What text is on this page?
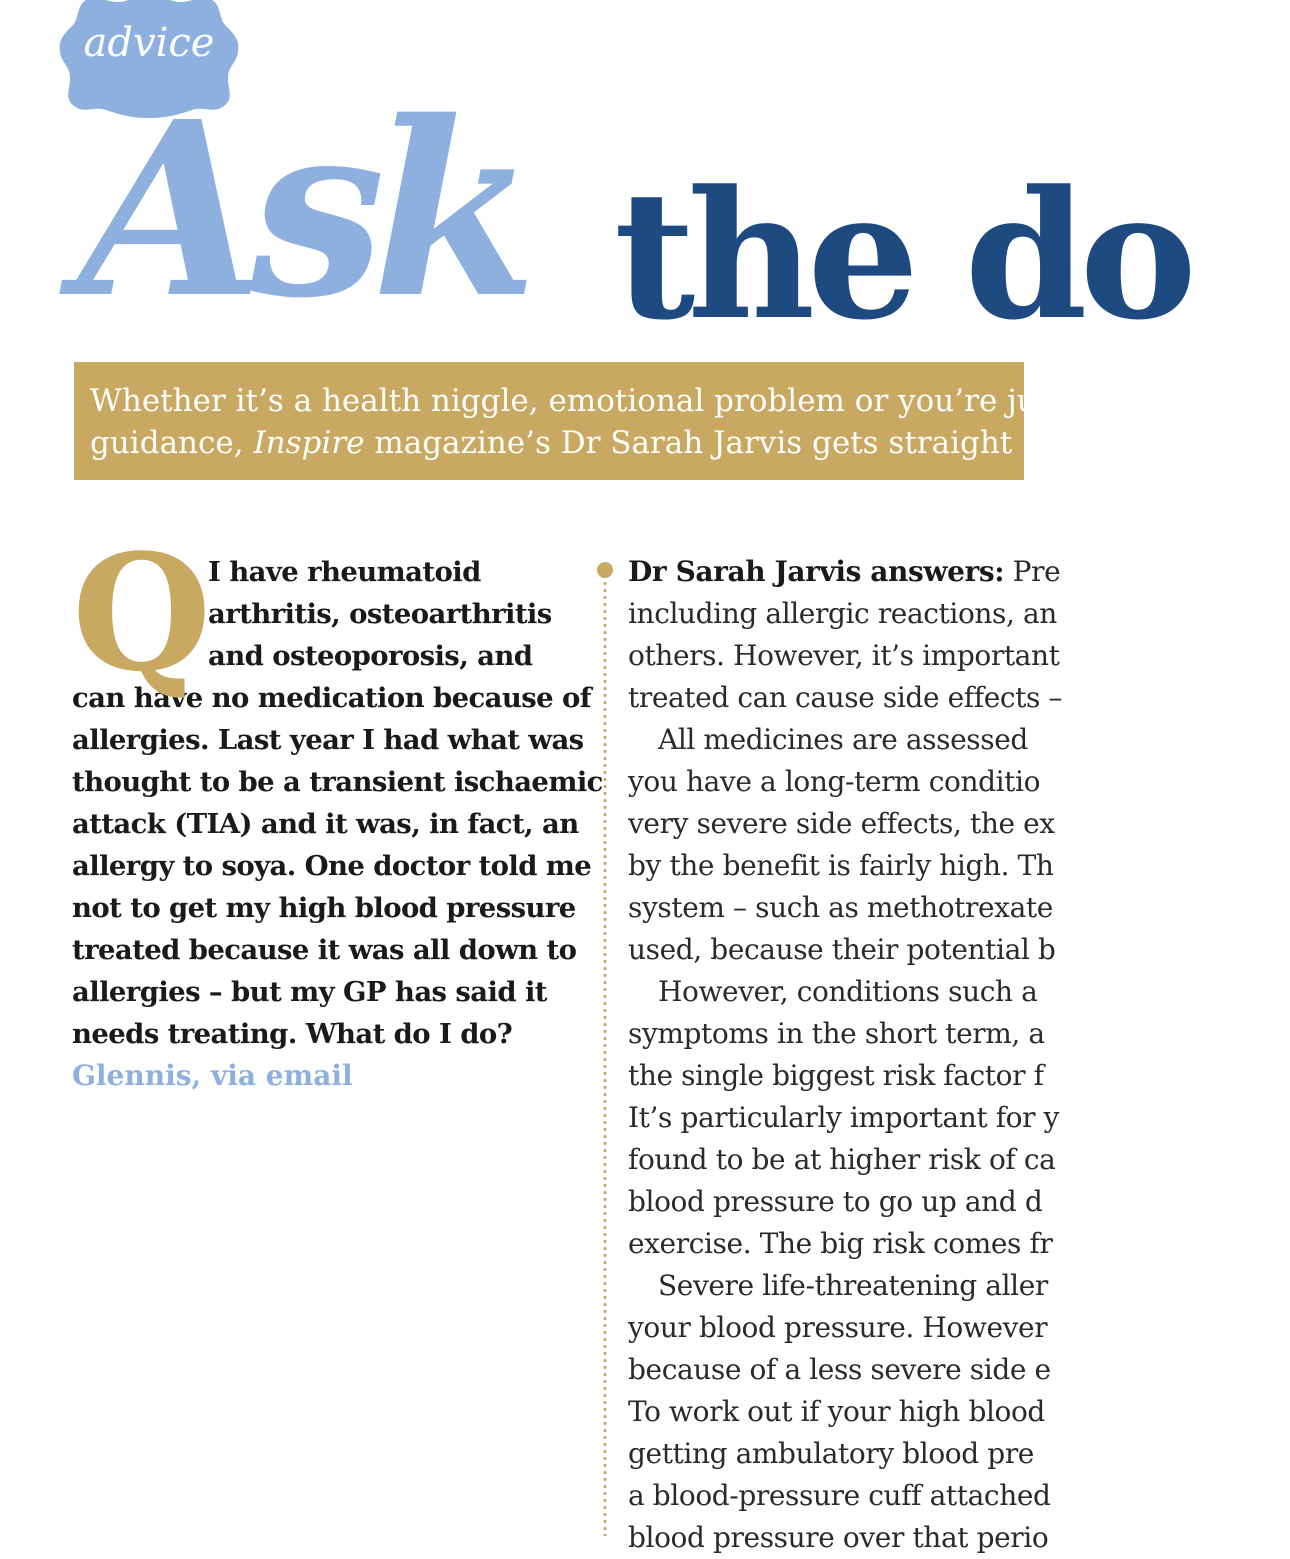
advice
Ask the do

Whether it’s a health niggle, emotional problem or you’re ju
guidance, Inspire magazine’s Dr Sarah Jarvis gets straight

Q

I have rheumatoid
arthritis, osteoarthritis
and osteoporosis, and
can have no medication because of
allergies. Last year I had what was
thought to be a transient ischaemic
attack (TIA) and it was, in fact, an
allergy to soya. One doctor told me
not to get my high blood pressure
treated because it was all down to
allergies – but my GP has said it
needs treating. What do I do?

Glennis, via email

Dr Sarah Jarvis answers: Pre
including allergic reactions, an
others. However, it’s important
treated can cause side effects –
All medicines are assessed
you have a long-term conditio
very severe side effects, the ex
by the benefit is fairly high. Th
system – such as methotrexate
used, because their potential b
However, conditions such a
symptoms in the short term, a
the single biggest risk factor f
It’s particularly important for y
found to be at higher risk of ca
blood pressure to go up and d
exercise. The big risk comes fr
Severe life-threatening aller
your blood pressure. However
because of a less severe side e
To work out if your high blood
getting ambulatory blood pre
a blood-pressure cuff attached
blood pressure over that perio
